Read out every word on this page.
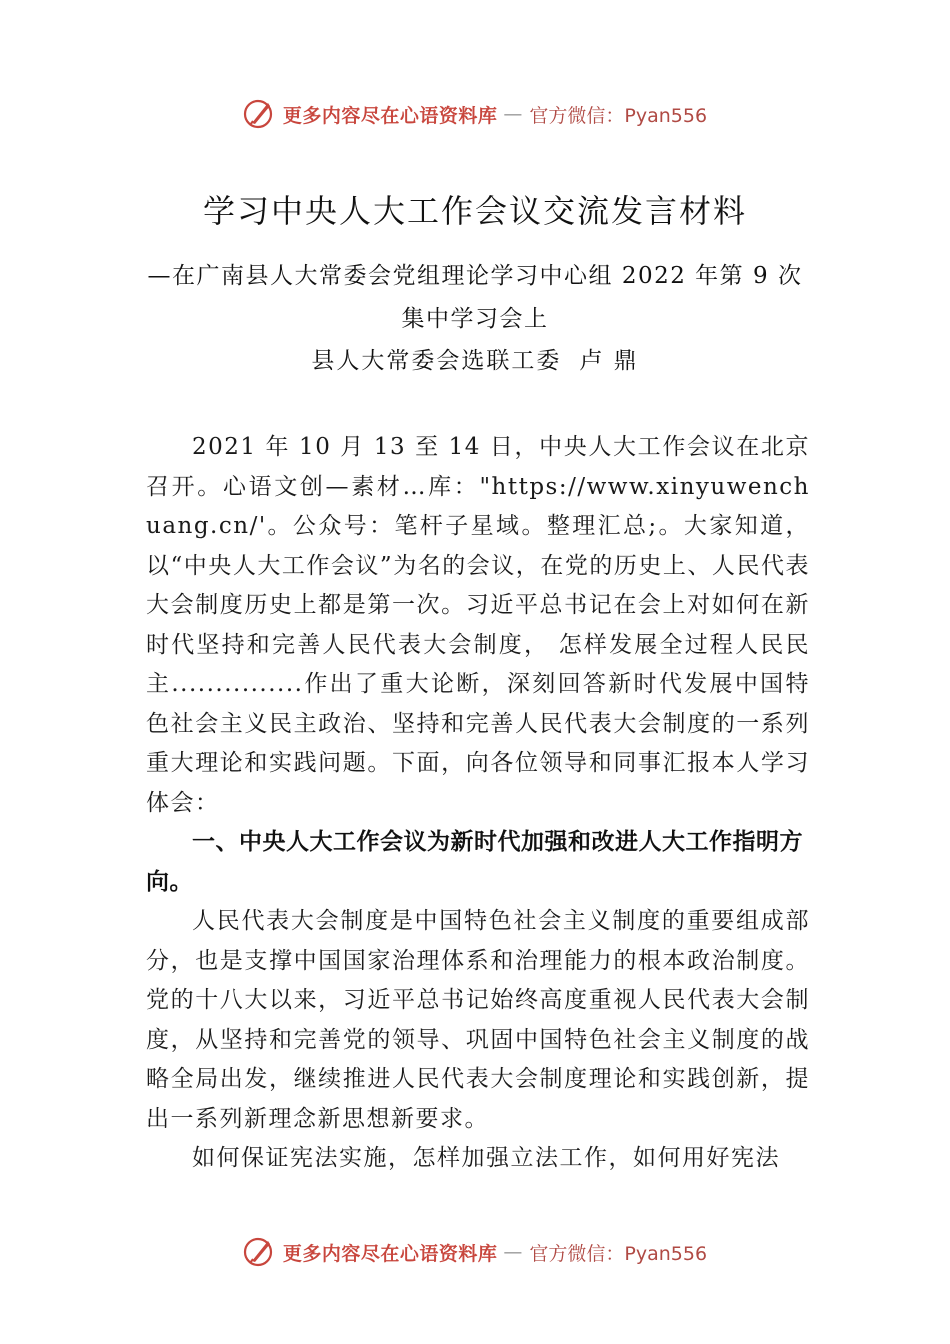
更多内容尽在心语资料库 — 官方微信：Pyan556
学习中央人大工作会议交流发言材料
—在广南县人大常委会党组理论学习中心组 2022 年第 9 次集中学习会上
县人大常委会选联工委 卢 鼎

2021 年 10 月 13 至 14 日，中央人大工作会议在北京召开。心语文创—素材…库："https://www.xinyuwenchuang.cn/'。公众号：笔杆子星域。整理汇总;。大家知道，以“中央人大工作会议”为名的会议，在党的历史上、人民代表大会制度历史上都是第一次。习近平总书记在会上对如何在新时代坚持和完善人民代表大会制度， 怎样发展全过程人民民主...............作出了重大论断，深刻回答新时代发展中国特色社会主义民主政治、坚持和完善人民代表大会制度的一系列重大理论和实践问题。下面，向各位领导和同事汇报本人学习体会：

一、中央人大工作会议为新时代加强和改进人大工作指明方向。

人民代表大会制度是中国特色社会主义制度的重要组成部分，也是支撑中国国家治理体系和治理能力的根本政治制度。党的十八大以来，习近平总书记始终高度重视人民代表大会制度，从坚持和完善党的领导、巩固中国特色社会主义制度的战略全局出发，继续推进人民代表大会制度理论和实践创新，提出一系列新理念新思想新要求。

如何保证宪法实施，怎样加强立法工作，如何用好宪法

更多内容尽在心语资料库 — 官方微信：Pyan556
